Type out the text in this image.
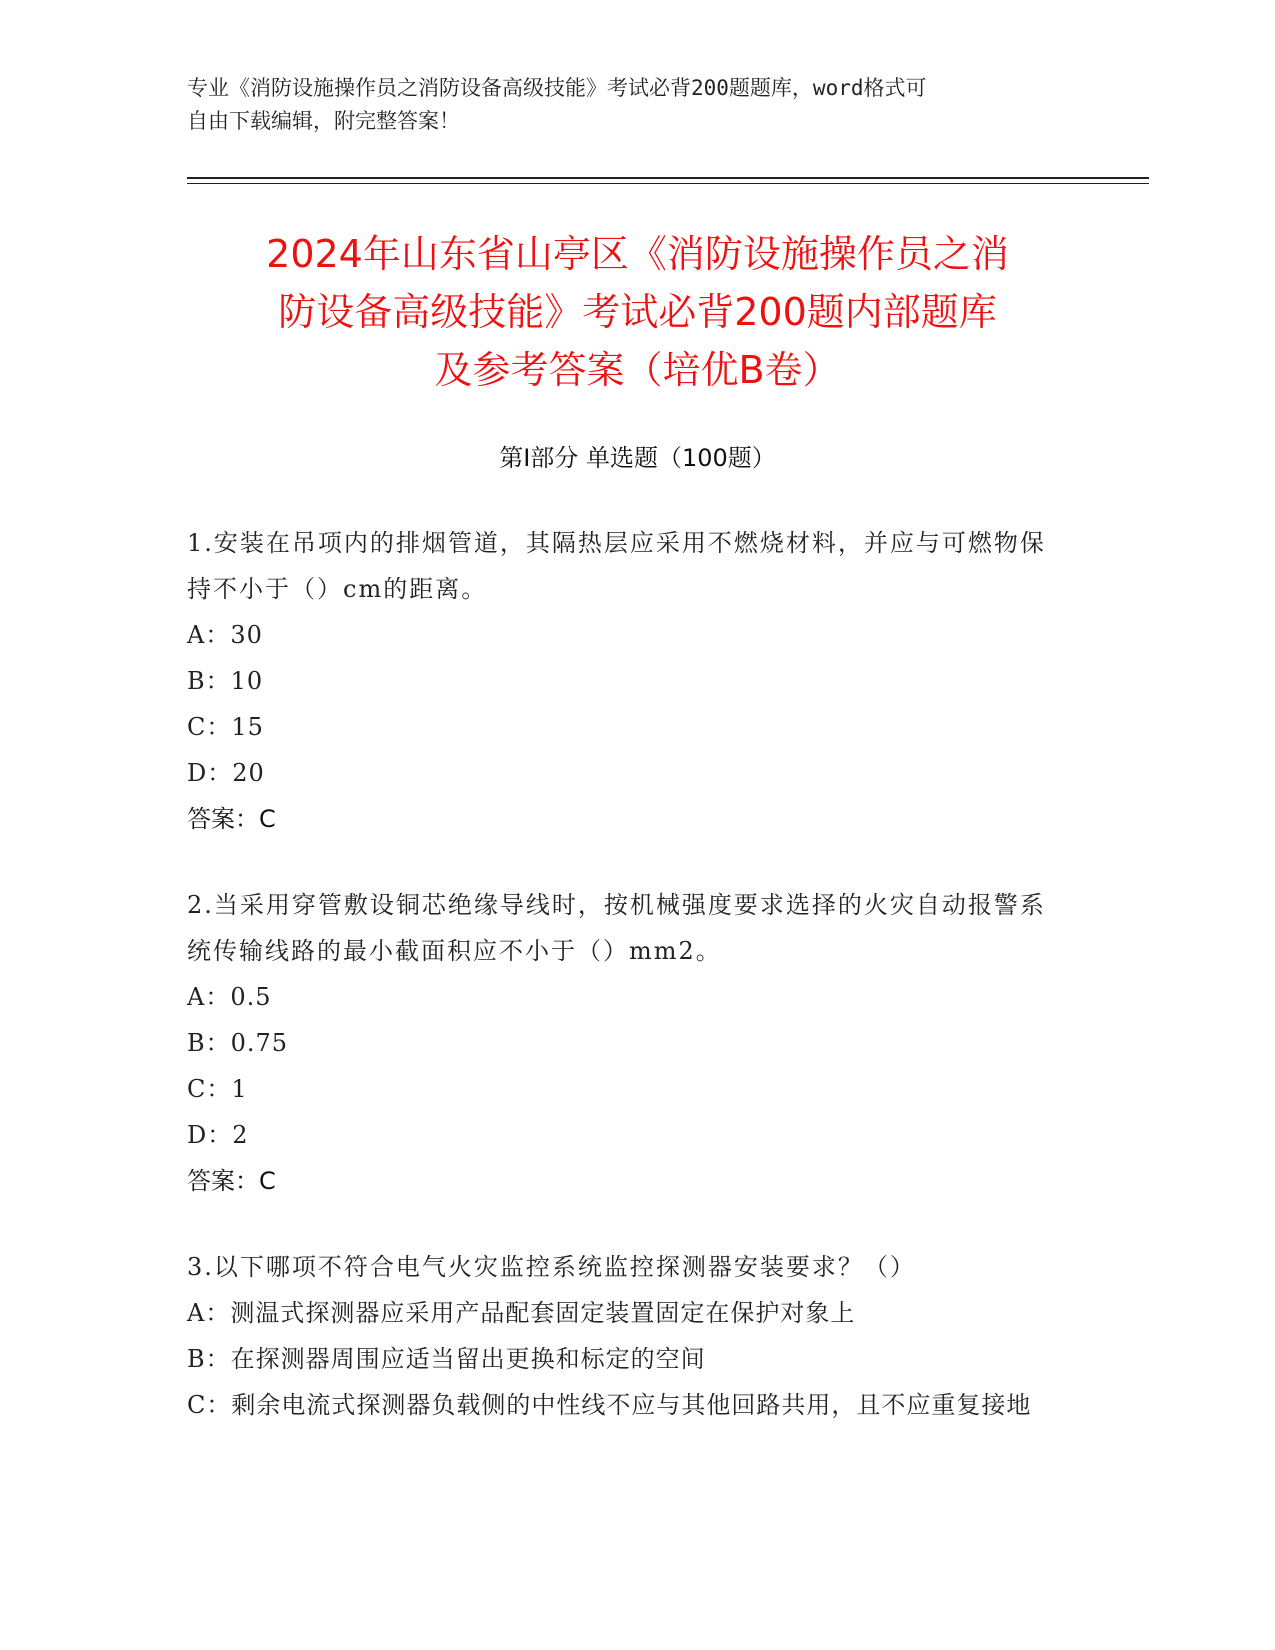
专业《消防设施操作员之消防设备高级技能》考试必背200题题库，word格式可
自由下载编辑，附完整答案！
2024年山东省山亭区《消防设施操作员之消
防设备高级技能》考试必背200题内部题库
及参考答案（培优B卷）
第I部分 单选题（100题）
1.安装在吊项内的排烟管道，其隔热层应采用不燃烧材料，并应与可燃物保持不小于（）cm的距离。
A：30
B：10
C：15
D：20
答案：C
2.当采用穿管敷设铜芯绝缘导线时，按机械强度要求选择的火灾自动报警系统传输线路的最小截面积应不小于（）mm2。
A：0.5
B：0.75
C：1
D：2
答案：C
3.以下哪项不符合电气火灾监控系统监控探测器安装要求？（）
A：测温式探测器应采用产品配套固定装置固定在保护对象上
B：在探测器周围应适当留出更换和标定的空间
C：剩余电流式探测器负载侧的中性线不应与其他回路共用，且不应重复接地
